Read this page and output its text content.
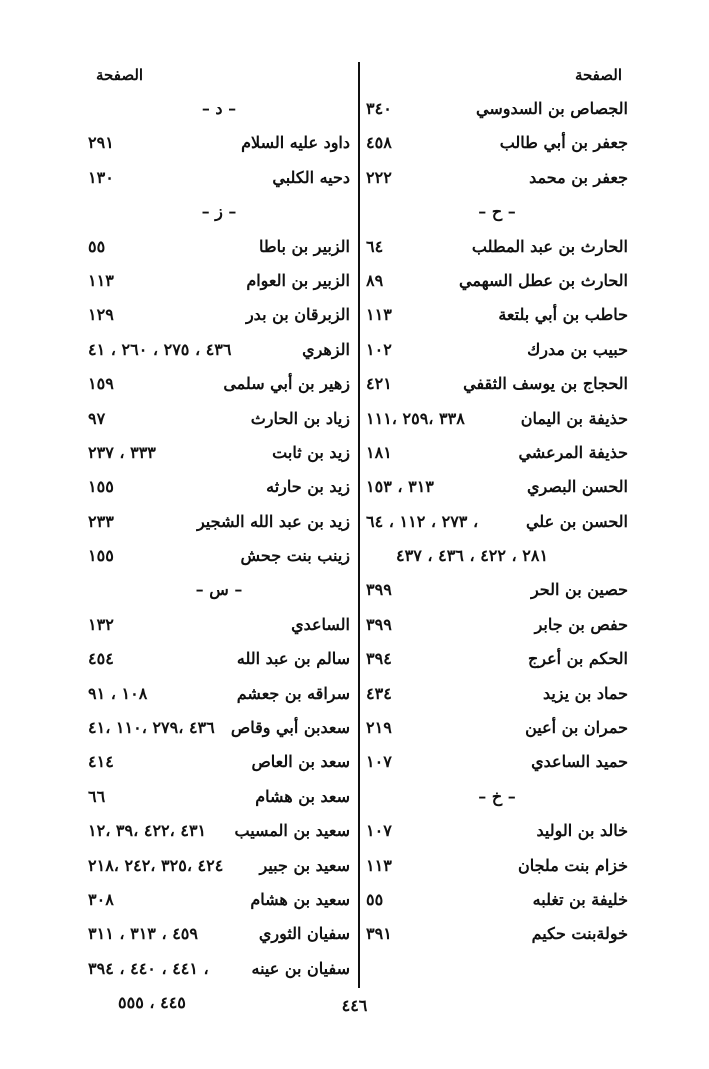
الصفحة
الجصاص بن السدوسي
٣٤٠
جعفر بن أبي طالب
٤٥٨
جعفر بن محمد
٢٢٢
– ح –
الحارث بن عبد المطلب
٦٤
الحارث بن عطل السهمي
٨٩
حاطب بن أبي بلتعة
١١٣
حبيب بن مدرك
١٠٢
الحجاج بن يوسف الثقفي
٤٢١
حذيفة بن اليمان
٣٣٨ ،٢٥٩ ،١١١
حذيفة المرعشي
١٨١
الحسن البصري
٣١٣ ، ١٥٣
الحسن بن علي
، ٢٧٣ ، ١١٢ ، ٦٤
٢٨١ ، ٤٢٢ ، ٤٣٦ ، ٤٣٧
حصين بن الحر
٣٩٩
حفص بن جابر
٣٩٩
الحكم بن أعرج
٣٩٤
حماد بن يزيد
٤٣٤
حمران بن أعين
٢١٩
حميد الساعدي
١٠٧
– خ –
خالد بن الوليد
١٠٧
خزام بنت ملجان
١١٣
خليفة بن تغلبه
٥٥
خولةبنت حكيم
٣٩١
الصفحة
– د –
داود عليه السلام
٢٩١
دحيه الكلبي
١٣٠
– ز –
الزبير بن باطا
٥٥
الزبير بن العوام
١١٣
الزبرقان بن بدر
١٢٩
الزهري
٤٣٦ ، ٢٧٥ ، ٢٦٠ ، ٤١
زهير بن أبي سلمى
١٥٩
زياد بن الحارث
٩٧
زيد بن ثابت
٣٣٣ ، ٢٣٧
زيد بن حارثه
١٥٥
زيد بن عبد الله الشجير
٢٣٣
زينب بنت جحش
١٥٥
– س –
الساعدي
١٣٢
سالم بن عبد الله
٤٥٤
سراقه بن جعشم
١٠٨ ، ٩١
سعدبن أبي وقاص
٤٣٦ ،٢٧٩ ،١١٠ ،٤١
سعد بن العاص
٤١٤
سعد بن هشام
٦٦
سعيد بن المسيب
٤٣١ ،٤٢٢ ،٣٩ ،١٢
سعيد بن جبير
٤٢٤ ،٣٢٥ ،٢٤٢ ،٢١٨
سعيد بن هشام
٣٠٨
سفيان الثوري
٤٥٩ ، ٣١٣ ، ٣١١
سفيان بن عينه
، ٤٤١ ، ٤٤٠ ، ٣٩٤
٤٤٥ ، ٥٥٥	٤٤٦
